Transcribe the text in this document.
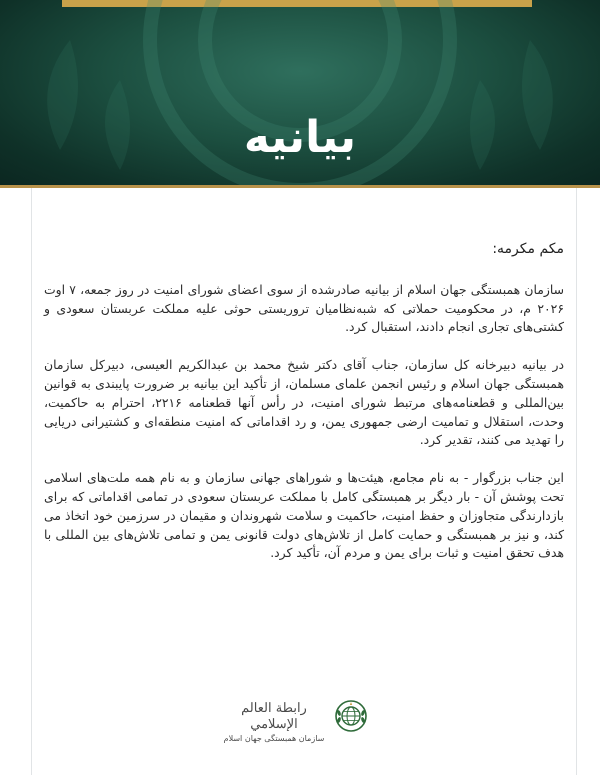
بیانیه

مکم مکرمه:

سازمان همبستگی جهان اسلام از بیانیه صادرشده از سوی اعضای شورای امنیت در روز جمعه، ۷ اوت ۲۰۲۶ م، در محکومیت حملاتی که شبه‌نظامیان تروریستی حوثی علیه مملکت عربستان سعودی و کشتی‌های تجاری انجام دادند، استقبال کرد.

در بیانیه دبیرخانه کل سازمان، جناب آقای دکتر شیخ محمد بن عبدالکریم العیسی، دبیرکل سازمان همبستگی جهان اسلام و رئیس انجمن علمای مسلمان، از تأکید این بیانیه بر ضرورت پایبندی به قوانین بین‌المللی و قطعنامه‌های مرتبط شورای امنیت، در رأس آنها قطعنامه ۲۲۱۶، احترام به حاکمیت، وحدت، استقلال و تمامیت ارضی جمهوری یمن، و رد اقداماتی که امنیت منطقه‌ای و کشتیرانی دریایی را تهدید می کنند، تقدیر کرد.

این جناب بزرگوار - به نام مجامع، هیئت‌ها و شوراهای جهانی سازمان و به نام همه ملت‌های اسلامی تحت پوشش آن - بار دیگر بر همبستگی کامل با مملکت عربستان سعودی در تمامی اقداماتی که برای بازدارندگی متجاوزان و حفظ امنیت، حاکمیت و سلامت شهروندان و مقیمان در سرزمین خود اتخاذ می کند، و نیز بر همبستگی و حمایت کامل از تلاش‌های دولت قانونی یمن و تمامی تلاش‌های بین المللی با هدف تحقق امنیت و ثبات برای یمن و مردم آن، تأکید کرد.

رابطة العالم الإسلامي
سازمان همبستگی جهان اسلام
